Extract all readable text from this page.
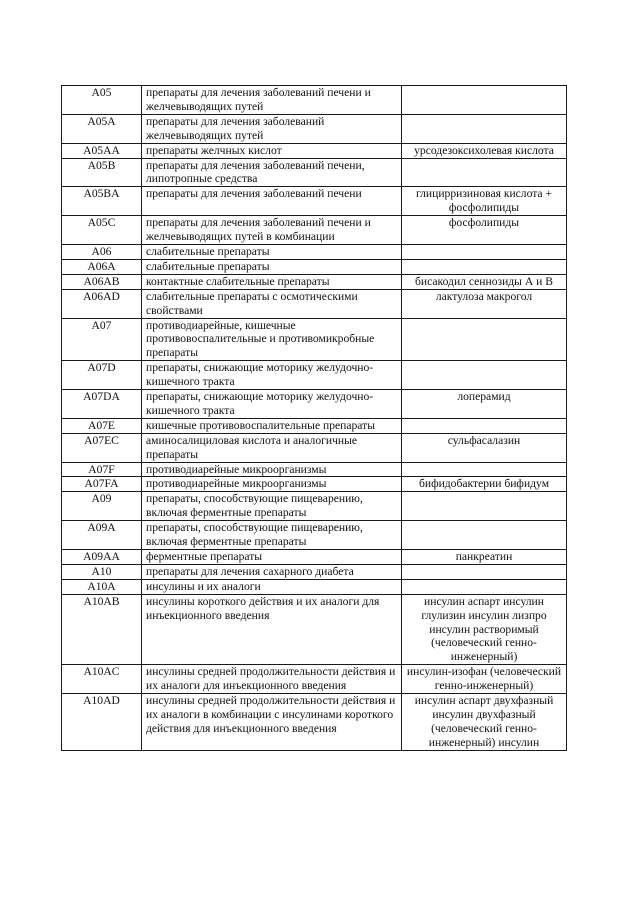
A05	препараты для лечения заболеваний печени и желчевыводящих путей	
A05A	препараты для лечения заболеваний желчевыводящих путей	
A05AA	препараты желчных кислот	урсодезоксихолевая кислота
A05B	препараты для лечения заболеваний печени, липотропные средства	
A05BA	препараты для лечения заболеваний печени	глицирризиновая кислота + фосфолипиды
A05C	препараты для лечения заболеваний печени и желчевыводящих путей в комбинации	фосфолипиды
A06	слабительные препараты	
A06A	слабительные препараты	
A06AB	контактные слабительные препараты	бисакодил сеннозиды А и В
A06AD	слабительные препараты с осмотическими свойствами	лактулоза макрогол
A07	противодиарейные, кишечные противовоспалительные и противомикробные препараты	
A07D	препараты, снижающие моторику желудочно-кишечного тракта	
A07DA	препараты, снижающие моторику желудочно-кишечного тракта	лоперамид
A07E	кишечные противовоспалительные препараты	
A07EC	аминосалициловая кислота и аналогичные препараты	сульфасалазин
A07F	противодиарейные микроорганизмы	
A07FA	противодиарейные микроорганизмы	бифидобактерии бифидум
A09	препараты, способствующие пищеварению, включая ферментные препараты	
A09A	препараты, способствующие пищеварению, включая ферментные препараты	
A09AA	ферментные препараты	панкреатин
A10	препараты для лечения сахарного диабета	
A10A	инсулины и их аналоги	
A10AB	инсулины короткого действия и их аналоги для инъекционного введения	инсулин аспарт инсулин глулизин инсулин лизпро инсулин растворимый (человеческий генно-инженерный)
A10AC	инсулины средней продолжительности действия и их аналоги для инъекционного введения	инсулин-изофан (человеческий генно-инженерный)
A10AD	инсулины средней продолжительности действия и их аналоги в комбинации с инсулинами короткого действия для инъекционного введения	инсулин аспарт двухфазный инсулин двухфазный (человеческий генно-инженерный) инсулин
